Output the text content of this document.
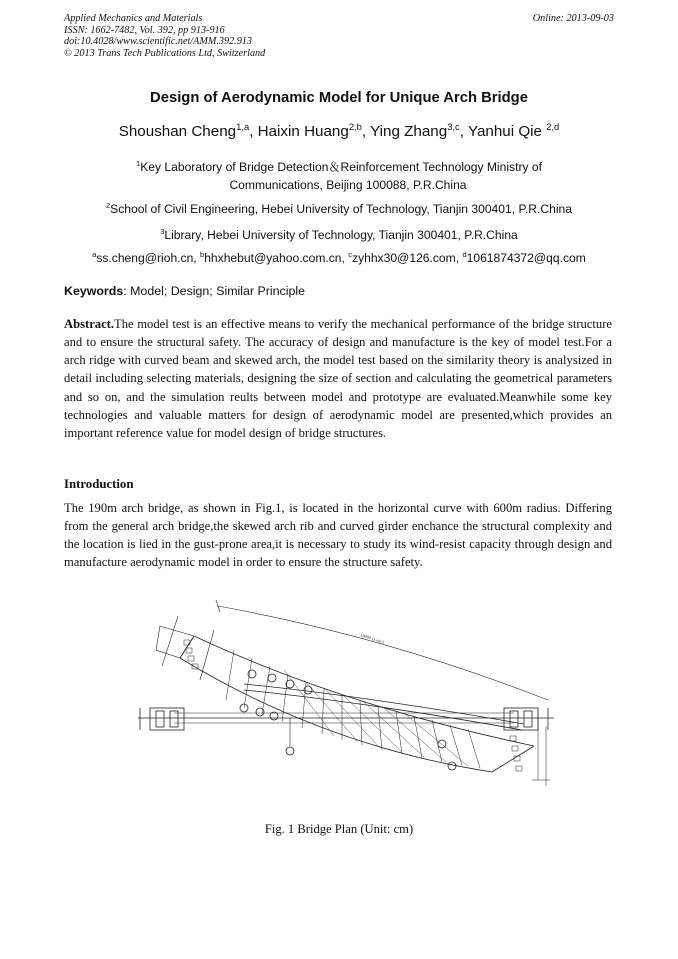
Applied Mechanics and Materials
ISSN: 1662-7482, Vol. 392, pp 913-916
doi:10.4028/www.scientific.net/AMM.392.913
© 2013 Trans Tech Publications Ltd, Switzerland
Online: 2013-09-03
Design of Aerodynamic Model for Unique Arch Bridge
Shoushan Cheng$^{1,a}$, Haixin Huang$^{2,b}$, Ying Zhang$^{3,c}$, Yanhui Qie $^{2,d}$
$^1$Key Laboratory of Bridge Detection＆Reinforcement Technology Ministry of
Communications, Beijing 100088, P.R.China
$^2$School of Civil Engineering, Hebei University of Technology, Tianjin 300401, P.R.China
$^3$Library, Hebei University of Technology, Tianjin 300401, P.R.China
$^a$ss.cheng@rioh.cn, $^b$hhxhebut@yahoo.com.cn, $^c$zyhhx30@126.com, $^d$1061874372@qq.com
Keywords: Model; Design; Similar Principle
Abstract.The model test is an effective means to verify the mechanical performance of the bridge structure and to ensure the structural safety. The accuracy of design and manufacture is the key of model test.For a arch ridge with curved beam and skewed arch, the model test based on the similarity theory is analysized in detail including selecting materials, designing the size of section and calculating the geometrical parameters and so on, and the simulation reults between model and prototype are evaluated.Meanwhile some key technologies and valuable matters for design of aerodynamic model are presented,which provides an important reference value for model design of bridge structures.
Introduction
The 190m arch bridge, as shown in Fig.1, is located in the horizontal curve with 600m radius. Differing from the general arch bridge,the skewed arch rib and curved girder enchance the structural complexity and the location is lied in the gust-prone area,it is necessary to study its wind-resist capacity through design and manufacture aerodynamic model in order to ensure the structure safety.
19000 (x-arc)
Fig. 1 Bridge Plan (Unit: cm)
